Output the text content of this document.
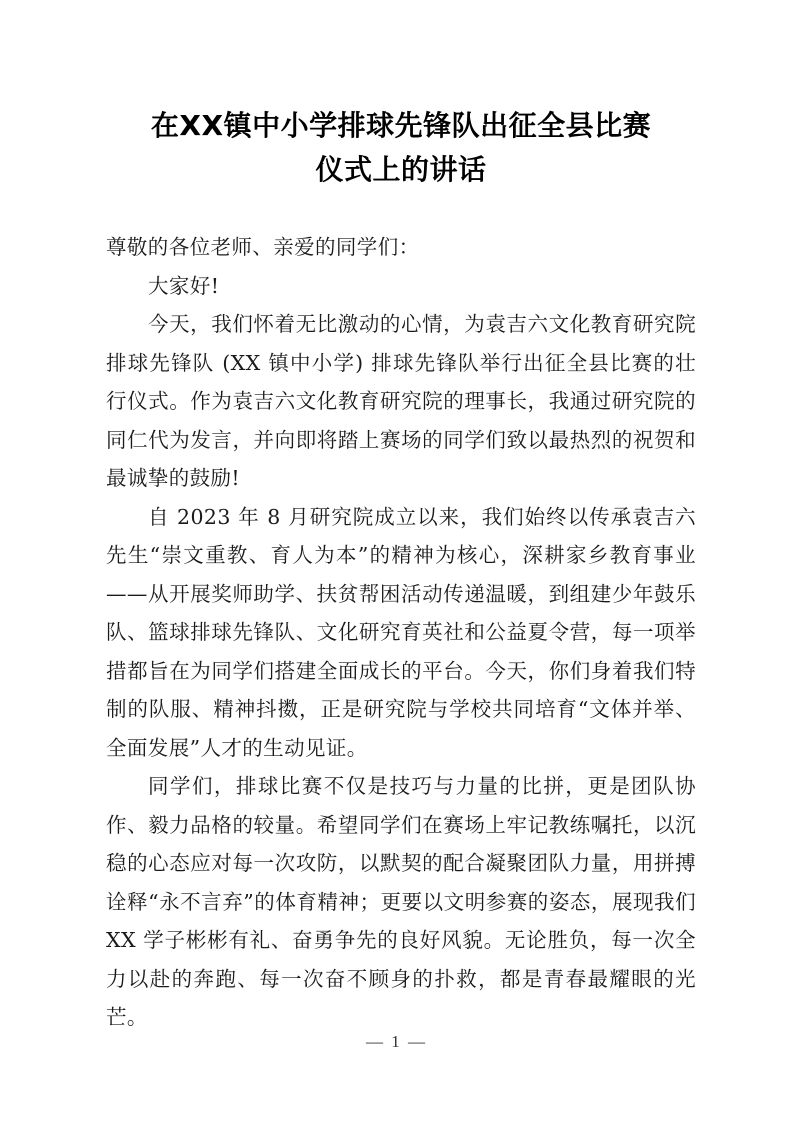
在XX镇中小学排球先锋队出征全县比赛
仪式上的讲话

尊敬的各位老师、亲爱的同学们：

大家好!

今天，我们怀着无比激动的心情，为袁吉六文化教育研究院排球先锋队 (XX 镇中小学) 排球先锋队举行出征全县比赛的壮行仪式。作为袁吉六文化教育研究院的理事长，我通过研究院的同仁代为发言，并向即将踏上赛场的同学们致以最热烈的祝贺和最诚挚的鼓励!

自 2023 年 8 月研究院成立以来，我们始终以传承袁吉六先生“崇文重教、育人为本”的精神为核心，深耕家乡教育事业——从开展奖师助学、扶贫帮困活动传递温暖，到组建少年鼓乐队、篮球排球先锋队、文化研究育英社和公益夏令营，每一项举措都旨在为同学们搭建全面成长的平台。今天，你们身着我们特制的队服、精神抖擞，正是研究院与学校共同培育“文体并举、全面发展”人才的生动见证。

同学们，排球比赛不仅是技巧与力量的比拼，更是团队协作、毅力品格的较量。希望同学们在赛场上牢记教练嘱托，以沉稳的心态应对每一次攻防，以默契的配合凝聚团队力量，用拼搏诠释“永不言弃”的体育精神；更要以文明参赛的姿态，展现我们 XX 学子彬彬有礼、奋勇争先的良好风貌。无论胜负，每一次全力以赴的奔跑、每一次奋不顾身的扑救，都是青春最耀眼的光芒。

— 1 —
